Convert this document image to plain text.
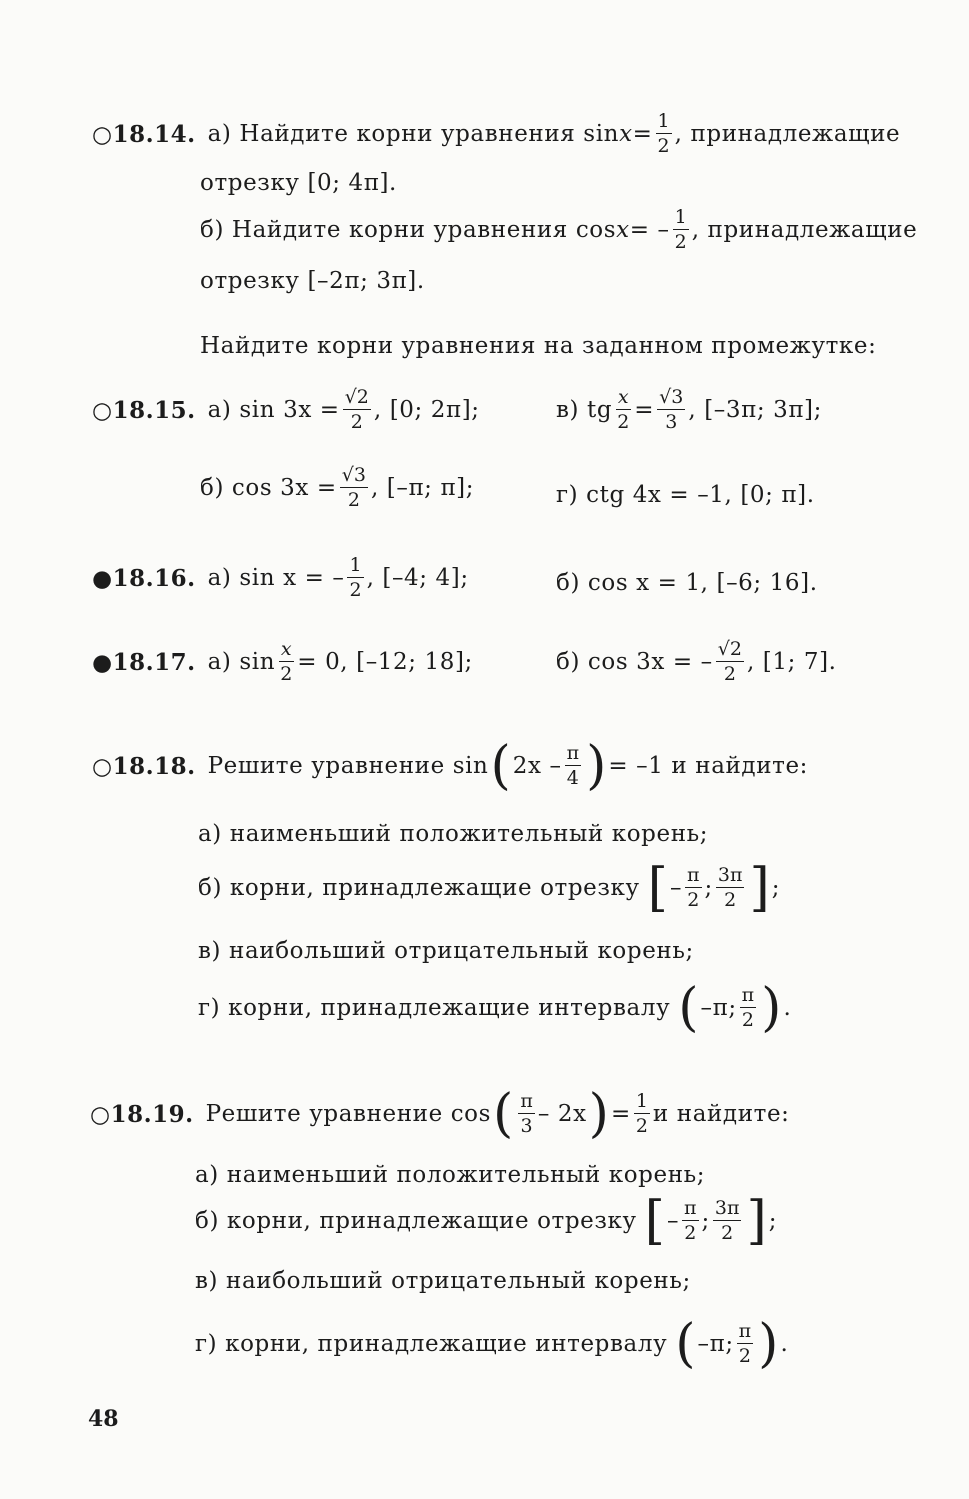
○18.14. а) Найдите корни уравнения $\sin x = \frac{1}{2}$ , принадлежащие
отрезку [0; 4π].
б) Найдите корни уравнения cos x = – $\frac{1}{2}$ , принадлежащие
отрезку [–2π; 3π].
Найдите корни уравнения на заданном промежутке:
○18.15. а) $\sin 3x = \frac{√2}{2}$ , [0; 2π];	в) tg $\frac{x}{2} = \frac{√3}{3}$ , [–3π; 3π];
б) $\cos 3x = \frac{√3}{2}$ , [–π; π];	г) ctg 4x = –1, [0; π].
●18.16. а) sin x = – $\frac{1}{2}$ , [–4; 4];	б) cos x = 1, [–6; 16].
●18.17. а) $\sin \frac{x}{2} = 0$, [–12; 18];	б) cos 3x = – $\frac{√2}{2}$ , [1; 7].
○18.18. Решите уравнение sin ( $2x - \frac{\pi}{4}$ ) = –1 и найдите:
а) наименьший положительный корень;
б) корни, принадлежащие отрезку [ – $\frac{\pi}{2}$ ; $\frac{3\pi}{2}$ ] ;
в) наибольший отрицательный корень;
г) корни, принадлежащие интервалу ( –π; $\frac{\pi}{2}$ ) .
○18.19. Решите уравнение cos ( $\frac{\pi}{3} - 2x$ ) = $\frac{1}{2}$ и найдите:
а) наименьший положительный корень;
б) корни, принадлежащие отрезку [ – $\frac{\pi}{2}$ ; $\frac{3\pi}{2}$ ] ;
в) наибольший отрицательный корень;
г) корни, принадлежащие интервалу ( –π; $\frac{\pi}{2}$ ) .
48
